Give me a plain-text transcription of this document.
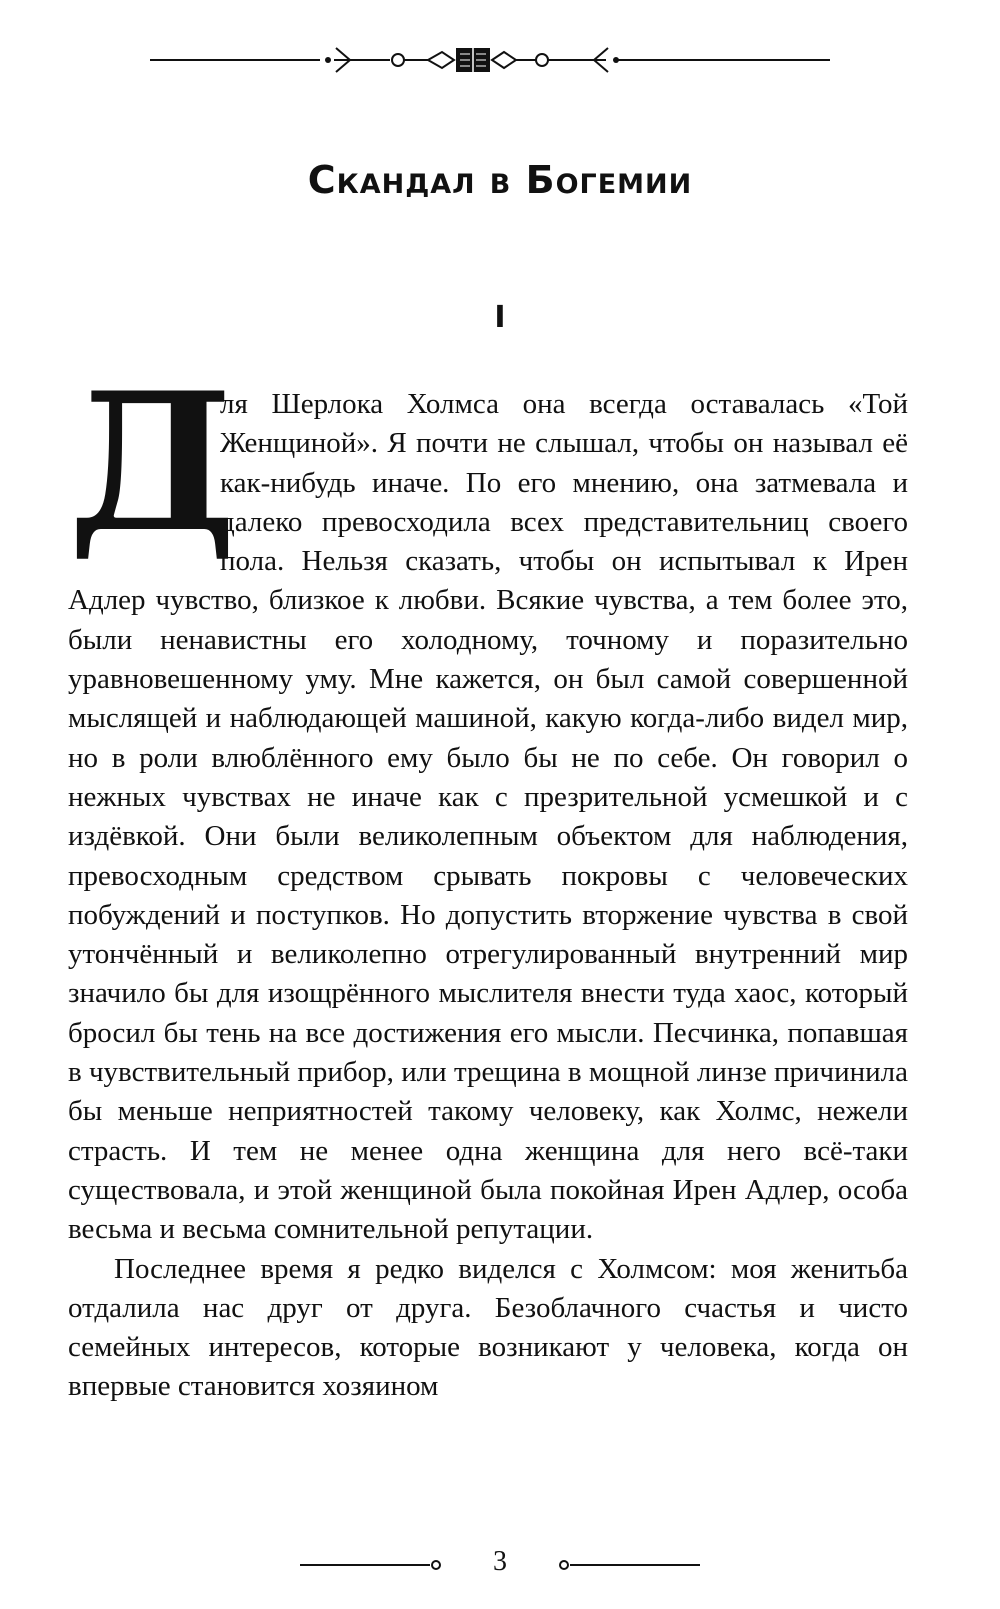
Скандал в Богемии
I

Д
ля Шерлока Холмса она всегда оставалась «Той Женщиной». Я почти не слышал, чтобы он называл её как-нибудь иначе. По его мнению, она затмевала и далеко превосходила всех представительниц своего пола. Нельзя сказать, чтобы он испытывал к Ирен Адлер чувство, близкое к любви. Всякие чувства, а тем более это, были ненавистны его холодному, точному и поразительно уравновешенному уму. Мне кажется, он был самой совершенной мыслящей и наблюдающей машиной, какую когда-либо видел мир, но в роли влюблённого ему было бы не по себе. Он говорил о нежных чувствах не иначе как с презрительной усмешкой и с издёвкой. Они были великолепным объектом для наблюдения, превосходным средством срывать покровы с человеческих побуждений и поступков. Но допустить вторжение чувства в свой утончённый и великолепно отрегулированный внутренний мир значило бы для изощрённого мыслителя внести туда хаос, который бросил бы тень на все достижения его мысли. Песчинка, попавшая в чувствительный прибор, или трещина в мощной линзе причинила бы меньше неприятностей такому человеку, как Холмс, нежели страсть. И тем не менее одна женщина для него всё-таки существовала, и этой женщиной была покойная Ирен Адлер, особа весьма и весьма сомнительной репутации.

Последнее время я редко виделся с Холмсом: моя женитьба отдалила нас друг от друга. Безоблачного счастья и чисто семейных интересов, которые возникают у человека, когда он впервые становится хозяином

3
